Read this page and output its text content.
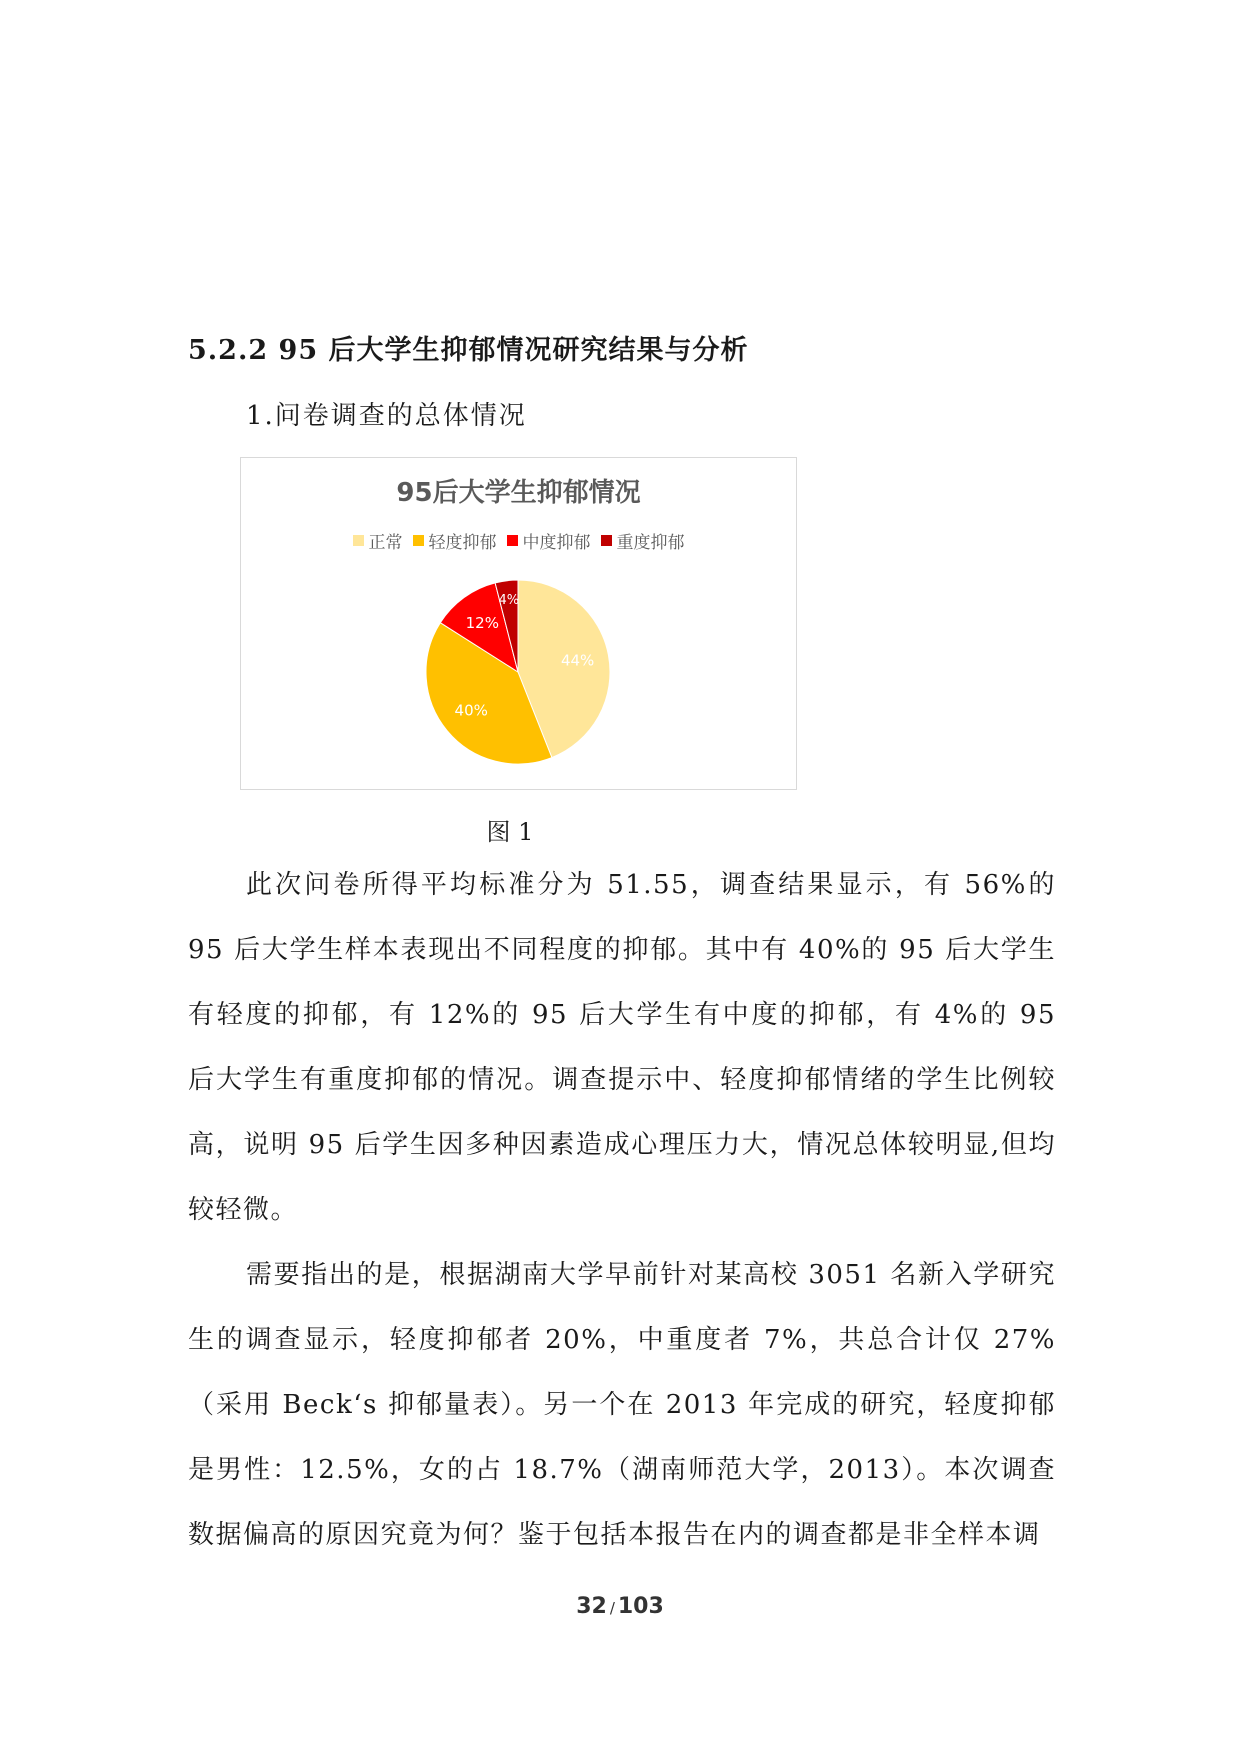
5.2.2 95 后大学生抑郁情况研究结果与分析

1.问卷调查的总体情况

95后大学生抑郁情况
正常 轻度抑郁 中度抑郁 重度抑郁
44%
40%
12%
4%

图 1

此次问卷所得平均标准分为 51.55，调查结果显示，有 56%的 95 后大学生样本表现出不同程度的抑郁。其中有 40%的 95 后大学生有轻度的抑郁，有 12%的 95 后大学生有中度的抑郁，有 4%的 95 后大学生有重度抑郁的情况。调查提示中、轻度抑郁情绪的学生比例较高，说明 95 后学生因多种因素造成心理压力大，情况总体较明显,但均较轻微。

需要指出的是，根据湖南大学早前针对某高校 3051 名新入学研究生的调查显示，轻度抑郁者 20%，中重度者 7%，共总合计仅 27%（采用 Beck‘s 抑郁量表）。另一个在 2013 年完成的研究，轻度抑郁是男性：12.5%，女的占 18.7%（湖南师范大学，2013）。本次调查数据偏高的原因究竟为何？鉴于包括本报告在内的调查都是非全样本调

32 / 103
